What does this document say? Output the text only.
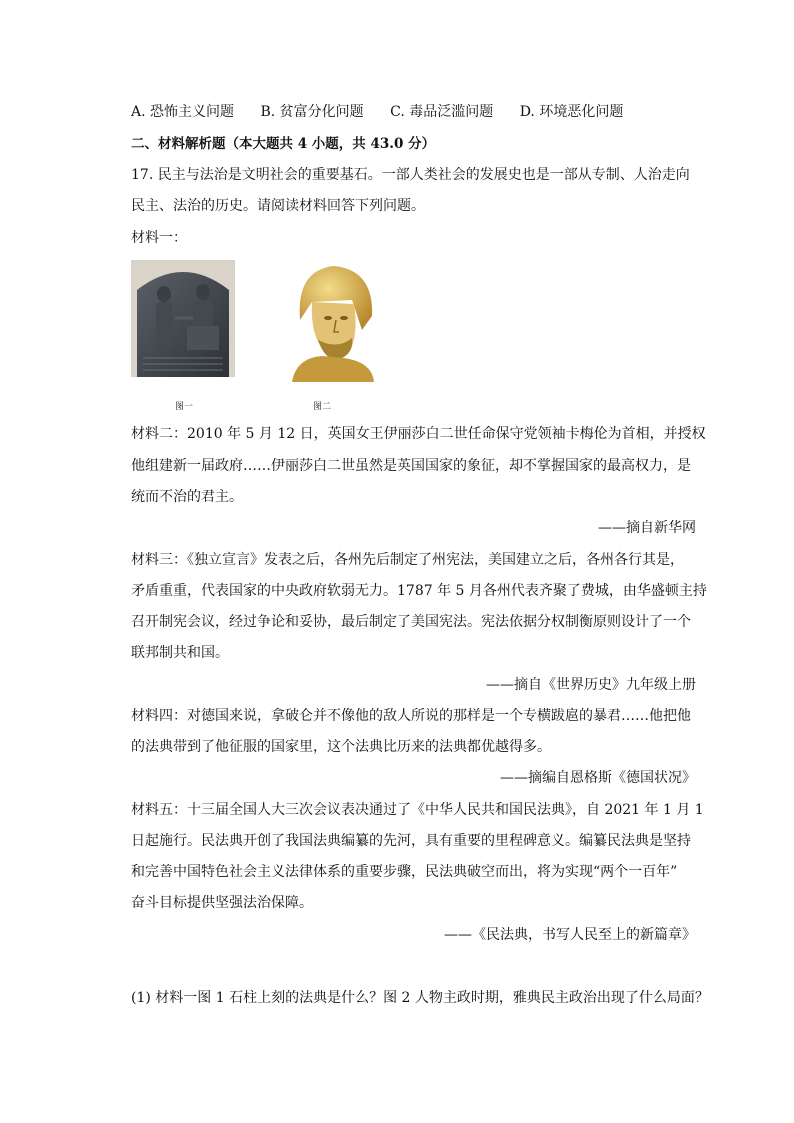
A. 恐怖主义问题 B. 贫富分化问题 C. 毒品泛滥问题 D. 环境恶化问题
二、材料解析题（本大题共 4 小题，共 43.0 分）
17. 民主与法治是文明社会的重要基石。一部人类社会的发展史也是一部从专制、人治走向
民主、法治的历史。请阅读材料回答下列问题。
材料一：
图一	图二
材料二：2010 年 5 月 12 日，英国女王伊丽莎白二世任命保守党领袖卡梅伦为首相，并授权
他组建新一届政府……伊丽莎白二世虽然是英国国家的象征，却不掌握国家的最高权力，是
统而不治的君主。
——摘自新华网
材料三：《独立宣言》发表之后，各州先后制定了州宪法，美国建立之后，各州各行其是，
矛盾重重，代表国家的中央政府软弱无力。1787 年 5 月各州代表齐聚了费城，由华盛顿主持
召开制宪会议，经过争论和妥协，最后制定了美国宪法。宪法依据分权制衡原则设计了一个
联邦制共和国。
——摘自《世界历史》九年级上册
材料四：对德国来说，拿破仑并不像他的敌人所说的那样是一个专横跋扈的暴君……他把他
的法典带到了他征服的国家里，这个法典比历来的法典都优越得多。
——摘编自恩格斯《德国状况》
材料五：十三届全国人大三次会议表决通过了《中华人民共和国民法典》，自 2021 年 1 月 1
日起施行。民法典开创了我国法典编纂的先河，具有重要的里程碑意义。编纂民法典是坚持
和完善中国特色社会主义法律体系的重要步骤，民法典破空而出，将为实现“两个一百年”
奋斗目标提供坚强法治保障。
——《民法典，书写人民至上的新篇章》
(1) 材料一图 1 石柱上刻的法典是什么？图 2 人物主政时期，雅典民主政治出现了什么局面？
